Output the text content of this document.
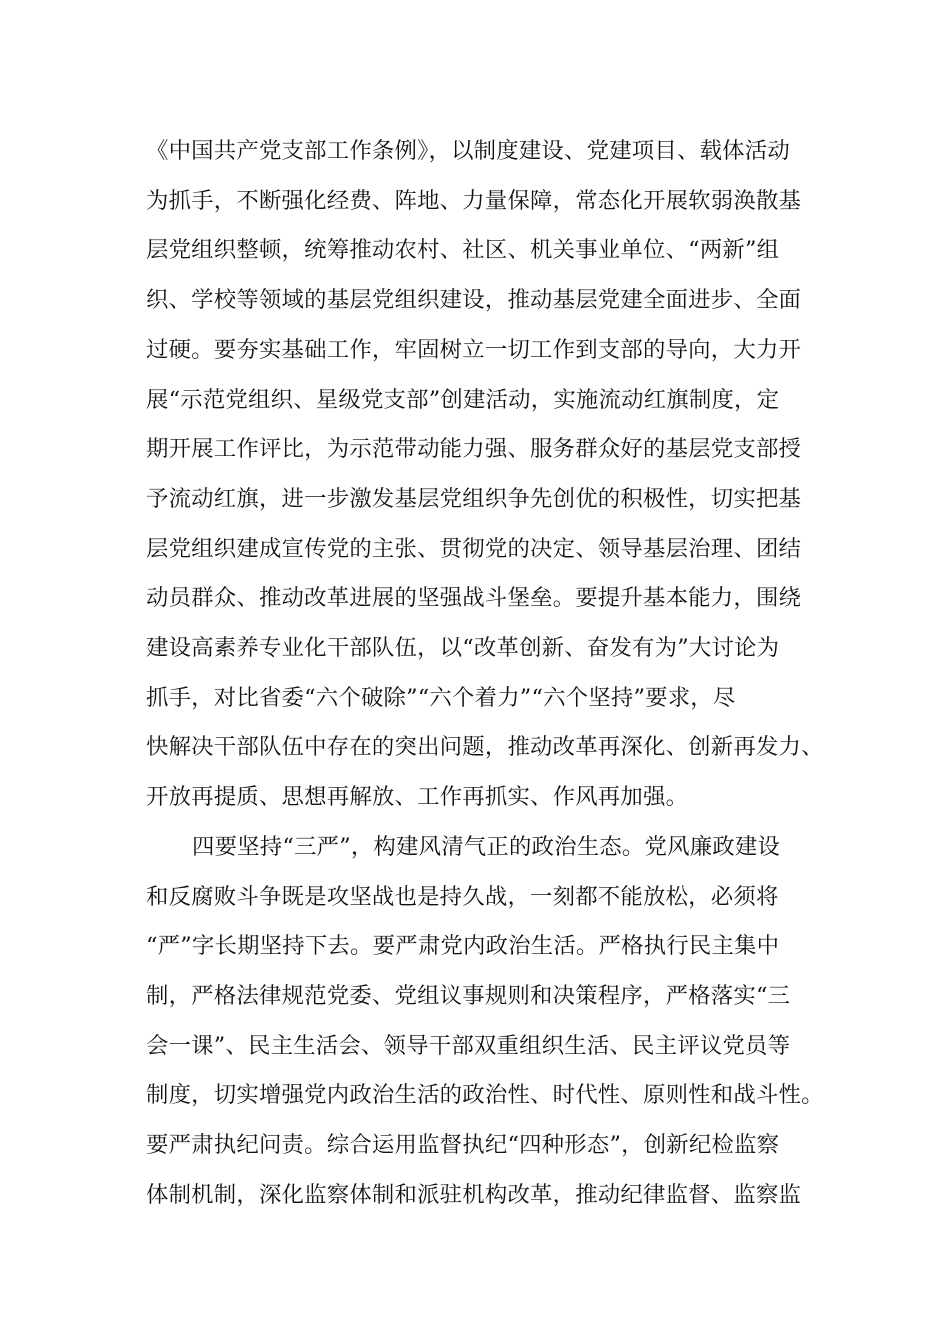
《中国共产党支部工作条例》，以制度建设、党建项目、载体活动
为抓手，不断强化经费、阵地、力量保障，常态化开展软弱涣散基
层党组织整顿，统筹推动农村、社区、机关事业单位、“两新”组
织、学校等领域的基层党组织建设，推动基层党建全面进步、全面
过硬。要夯实基础工作，牢固树立一切工作到支部的导向，大力开
展“示范党组织、星级党支部”创建活动，实施流动红旗制度，定
期开展工作评比，为示范带动能力强、服务群众好的基层党支部授
予流动红旗，进一步激发基层党组织争先创优的积极性，切实把基
层党组织建成宣传党的主张、贯彻党的决定、领导基层治理、团结
动员群众、推动改革进展的坚强战斗堡垒。要提升基本能力，围绕
建设高素养专业化干部队伍，以“改革创新、奋发有为”大讨论为
抓手，对比省委“六个破除”“六个着力”“六个坚持”要求，尽
快解决干部队伍中存在的突出问题，推动改革再深化、创新再发力、
开放再提质、思想再解放、工作再抓实、作风再加强。
四要坚持“三严”，构建风清气正的政治生态。党风廉政建设
和反腐败斗争既是攻坚战也是持久战，一刻都不能放松，必须将
“严”字长期坚持下去。要严肃党内政治生活。严格执行民主集中
制，严格法律规范党委、党组议事规则和决策程序，严格落实“三
会一课”、民主生活会、领导干部双重组织生活、民主评议党员等
制度，切实增强党内政治生活的政治性、时代性、原则性和战斗性。
要严肃执纪问责。综合运用监督执纪“四种形态”，创新纪检监察
体制机制，深化监察体制和派驻机构改革，推动纪律监督、监察监
